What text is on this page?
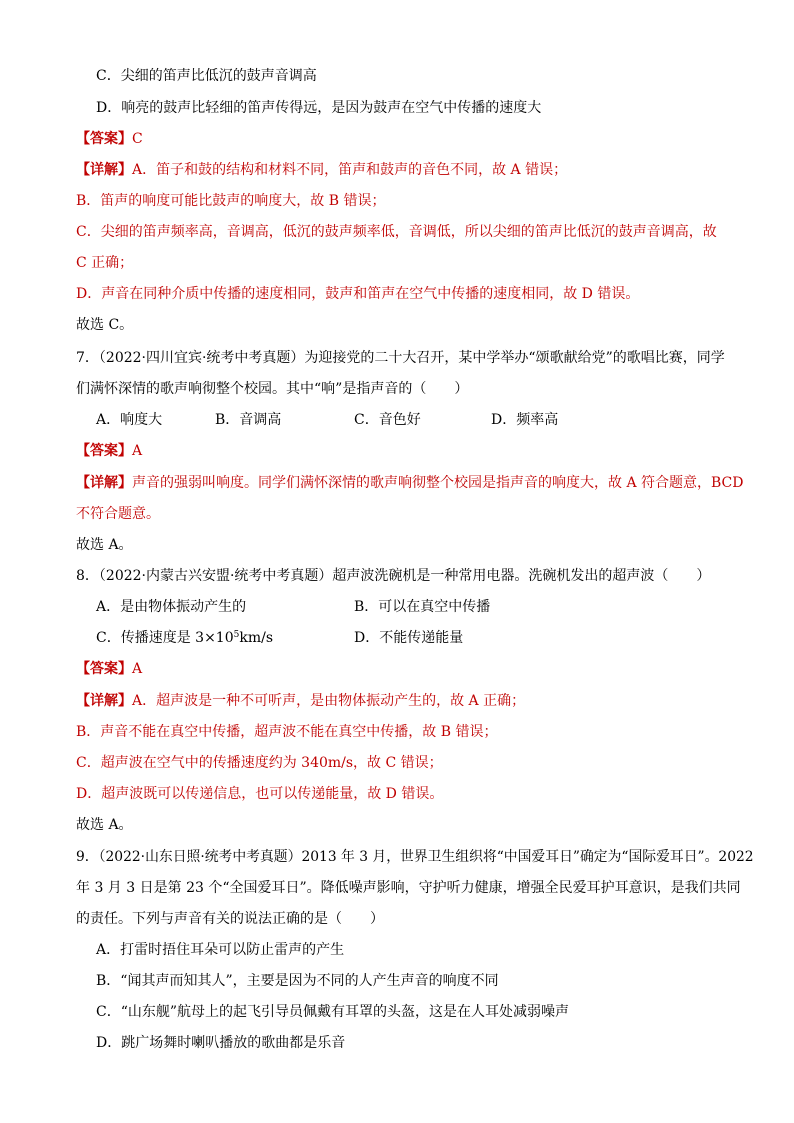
C．尖细的笛声比低沉的鼓声音调高
D．响亮的鼓声比轻细的笛声传得远，是因为鼓声在空气中传播的速度大
【答案】C
【详解】A．笛子和鼓的结构和材料不同，笛声和鼓声的音色不同，故 A 错误；
B．笛声的响度可能比鼓声的响度大，故 B 错误；
C．尖细的笛声频率高，音调高，低沉的鼓声频率低，音调低，所以尖细的笛声比低沉的鼓声音调高，故
C 正确；
D．声音在同种介质中传播的速度相同，鼓声和笛声在空气中传播的速度相同，故 D 错误。
故选 C。
7．（2022·四川宜宾·统考中考真题）为迎接党的二十大召开，某中学举办“颂歌献给党”的歌唱比赛，同学
们满怀深情的歌声响彻整个校园。其中“响”是指声音的（　　）
A．响度大	B．音调高	C．音色好	D．频率高
【答案】A
【详解】声音的强弱叫响度。同学们满怀深情的歌声响彻整个校园是指声音的响度大，故 A 符合题意，BCD
不符合题意。
故选 A。
8．（2022·内蒙古兴安盟·统考中考真题）超声波洗碗机是一种常用电器。洗碗机发出的超声波（　　）
A．是由物体振动产生的	B．可以在真空中传播
C．传播速度是 $3\times 10^5km/s$	D．不能传递能量
【答案】A
【详解】A．超声波是一种不可听声，是由物体振动产生的，故 A 正确；
B．声音不能在真空中传播，超声波不能在真空中传播，故 B 错误；
C．超声波在空气中的传播速度约为 340m/s，故 C 错误；
D．超声波既可以传递信息，也可以传递能量，故 D 错误。
故选 A。
9．（2022·山东日照·统考中考真题）2013 年 3 月，世界卫生组织将“中国爱耳日”确定为“国际爱耳日”。2022
年 3 月 3 日是第 23 个“全国爱耳日”。降低噪声影响，守护听力健康，增强全民爱耳护耳意识，是我们共同
的责任。下列与声音有关的说法正确的是（　　）
A．打雷时捂住耳朵可以防止雷声的产生
B．“闻其声而知其人”，主要是因为不同的人产生声音的响度不同
C．“山东舰”航母上的起飞引导员佩戴有耳罩的头盔，这是在人耳处减弱噪声
D．跳广场舞时喇叭播放的歌曲都是乐音
